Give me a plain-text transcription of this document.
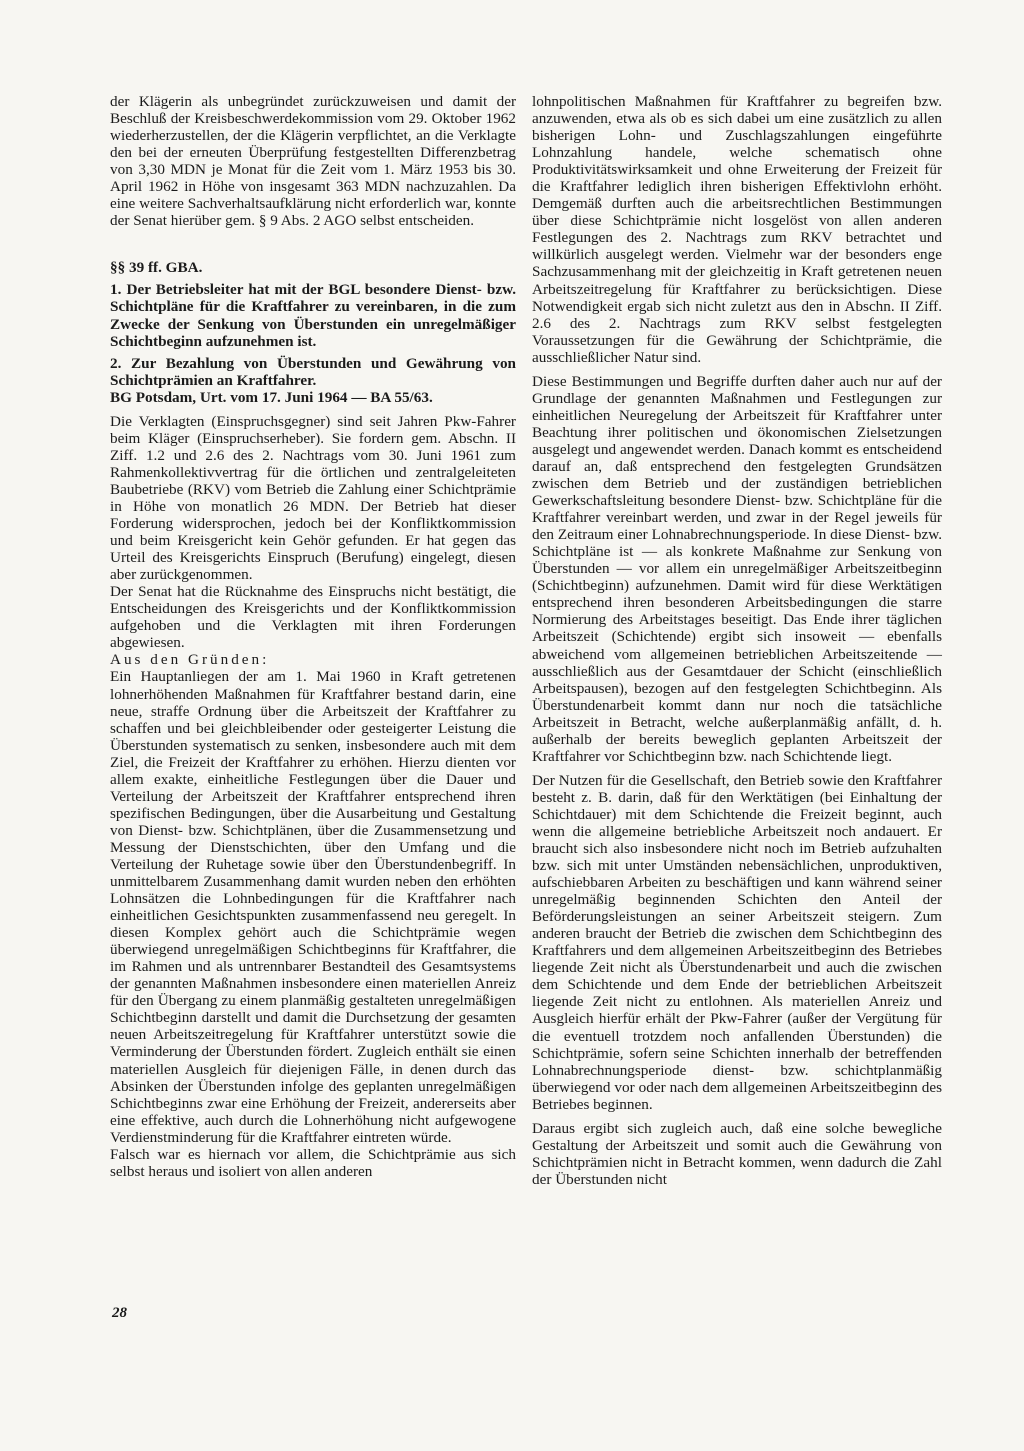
der Klägerin als unbegründet zurückzuweisen und damit der Beschluß der Kreisbeschwerdekommission vom 29. Oktober 1962 wiederherzustellen, der die Klägerin verpflichtet, an die Verklagte den bei der erneuten Überprüfung festgestellten Differenzbetrag von 3,30 MDN je Monat für die Zeit vom 1. März 1953 bis 30. April 1962 in Höhe von insgesamt 363 MDN nachzuzahlen. Da eine weitere Sachverhaltsaufklärung nicht erforderlich war, konnte der Senat hierüber gem. § 9 Abs. 2 AGO selbst entscheiden.

§§ 39 ff. GBA.

1. Der Betriebsleiter hat mit der BGL besondere Dienst- bzw. Schichtpläne für die Kraftfahrer zu vereinbaren, in die zum Zwecke der Senkung von Überstunden ein unregelmäßiger Schichtbeginn aufzunehmen ist.

2. Zur Bezahlung von Überstunden und Gewährung von Schichtprämien an Kraftfahrer.

BG Potsdam, Urt. vom 17. Juni 1964 — BA 55/63.

Die Verklagten (Einspruchsgegner) sind seit Jahren Pkw-Fahrer beim Kläger (Einspruchserheber). Sie fordern gem. Abschn. II Ziff. 1.2 und 2.6 des 2. Nachtrags vom 30. Juni 1961 zum Rahmenkollektivvertrag für die örtlichen und zentralgeleiteten Baubetriebe (RKV) vom Betrieb die Zahlung einer Schichtprämie in Höhe von monatlich 26 MDN. Der Betrieb hat dieser Forderung widersprochen, jedoch bei der Konfliktkommission und beim Kreisgericht kein Gehör gefunden. Er hat gegen das Urteil des Kreisgerichts Einspruch (Berufung) eingelegt, diesen aber zurückgenommen.

Der Senat hat die Rücknahme des Einspruchs nicht bestätigt, die Entscheidungen des Kreisgerichts und der Konfliktkommission aufgehoben und die Verklagten mit ihren Forderungen abgewiesen.

Aus den Gründen:

Ein Hauptanliegen der am 1. Mai 1960 in Kraft getretenen lohnerhöhenden Maßnahmen für Kraftfahrer bestand darin, eine neue, straffe Ordnung über die Arbeitszeit der Kraftfahrer zu schaffen und bei gleichbleibender oder gesteigerter Leistung die Überstunden systematisch zu senken, insbesondere auch mit dem Ziel, die Freizeit der Kraftfahrer zu erhöhen. Hierzu dienten vor allem exakte, einheitliche Festlegungen über die Dauer und Verteilung der Arbeitszeit der Kraftfahrer entsprechend ihren spezifischen Bedingungen, über die Ausarbeitung und Gestaltung von Dienst- bzw. Schichtplänen, über die Zusammensetzung und Messung der Dienstschichten, über den Umfang und die Verteilung der Ruhetage sowie über den Überstundenbegriff. In unmittelbarem Zusammenhang damit wurden neben den erhöhten Lohnsätzen die Lohnbedingungen für die Kraftfahrer nach einheitlichen Gesichtspunkten zusammenfassend neu geregelt. In diesen Komplex gehört auch die Schichtprämie wegen überwiegend unregelmäßigen Schichtbeginns für Kraftfahrer, die im Rahmen und als untrennbarer Bestandteil des Gesamtsystems der genannten Maßnahmen insbesondere einen materiellen Anreiz für den Übergang zu einem planmäßig gestalteten unregelmäßigen Schichtbeginn darstellt und damit die Durchsetzung der gesamten neuen Arbeitszeitregelung für Kraftfahrer unterstützt sowie die Verminderung der Überstunden fördert. Zugleich enthält sie einen materiellen Ausgleich für diejenigen Fälle, in denen durch das Absinken der Überstunden infolge des geplanten unregelmäßigen Schichtbeginns zwar eine Erhöhung der Freizeit, andererseits aber eine effektive, auch durch die Lohnerhöhung nicht aufgewogene Verdienstminderung für die Kraftfahrer eintreten würde.

Falsch war es hiernach vor allem, die Schichtprämie aus sich selbst heraus und isoliert von allen anderen

lohnpolitischen Maßnahmen für Kraftfahrer zu begreifen bzw. anzuwenden, etwa als ob es sich dabei um eine zusätzlich zu allen bisherigen Lohn- und Zuschlagszahlungen eingeführte Lohnzahlung handele, welche schematisch ohne Produktivitätswirksamkeit und ohne Erweiterung der Freizeit für die Kraftfahrer lediglich ihren bisherigen Effektivlohn erhöht. Demgemäß durften auch die arbeitsrechtlichen Bestimmungen über diese Schichtprämie nicht losgelöst von allen anderen Festlegungen des 2. Nachtrags zum RKV betrachtet und willkürlich ausgelegt werden. Vielmehr war der besonders enge Sachzusammenhang mit der gleichzeitig in Kraft getretenen neuen Arbeitszeitregelung für Kraftfahrer zu berücksichtigen. Diese Notwendigkeit ergab sich nicht zuletzt aus den in Abschn. II Ziff. 2.6 des 2. Nachtrags zum RKV selbst festgelegten Voraussetzungen für die Gewährung der Schichtprämie, die ausschließlicher Natur sind.

Diese Bestimmungen und Begriffe durften daher auch nur auf der Grundlage der genannten Maßnahmen und Festlegungen zur einheitlichen Neuregelung der Arbeitszeit für Kraftfahrer unter Beachtung ihrer politischen und ökonomischen Zielsetzungen ausgelegt und angewendet werden. Danach kommt es entscheidend darauf an, daß entsprechend den festgelegten Grundsätzen zwischen dem Betrieb und der zuständigen betrieblichen Gewerkschaftsleitung besondere Dienst- bzw. Schichtpläne für die Kraftfahrer vereinbart werden, und zwar in der Regel jeweils für den Zeitraum einer Lohnabrechnungsperiode. In diese Dienst- bzw. Schichtpläne ist — als konkrete Maßnahme zur Senkung von Überstunden — vor allem ein unregelmäßiger Arbeitszeitbeginn (Schichtbeginn) aufzunehmen. Damit wird für diese Werktätigen entsprechend ihren besonderen Arbeitsbedingungen die starre Normierung des Arbeitstages beseitigt. Das Ende ihrer täglichen Arbeitszeit (Schichtende) ergibt sich insoweit — ebenfalls abweichend vom allgemeinen betrieblichen Arbeitszeitende — ausschließlich aus der Gesamtdauer der Schicht (einschließlich Arbeitspausen), bezogen auf den festgelegten Schichtbeginn. Als Überstundenarbeit kommt dann nur noch die tatsächliche Arbeitszeit in Betracht, welche außerplanmäßig anfällt, d. h. außerhalb der bereits beweglich geplanten Arbeitszeit der Kraftfahrer vor Schichtbeginn bzw. nach Schichtende liegt.

Der Nutzen für die Gesellschaft, den Betrieb sowie den Kraftfahrer besteht z. B. darin, daß für den Werktätigen (bei Einhaltung der Schichtdauer) mit dem Schichtende die Freizeit beginnt, auch wenn die allgemeine betriebliche Arbeitszeit noch andauert. Er braucht sich also insbesondere nicht noch im Betrieb aufzuhalten bzw. sich mit unter Umständen nebensächlichen, unproduktiven, aufschiebbaren Arbeiten zu beschäftigen und kann während seiner unregelmäßig beginnenden Schichten den Anteil der Beförderungsleistungen an seiner Arbeitszeit steigern. Zum anderen braucht der Betrieb die zwischen dem Schichtbeginn des Kraftfahrers und dem allgemeinen Arbeitszeitbeginn des Betriebes liegende Zeit nicht als Überstundenarbeit und auch die zwischen dem Schichtende und dem Ende der betrieblichen Arbeitszeit liegende Zeit nicht zu entlohnen. Als materiellen Anreiz und Ausgleich hierfür erhält der Pkw-Fahrer (außer der Vergütung für die eventuell trotzdem noch anfallenden Überstunden) die Schichtprämie, sofern seine Schichten innerhalb der betreffenden Lohnabrechnungsperiode dienst- bzw. schichtplanmäßig überwiegend vor oder nach dem allgemeinen Arbeitszeitbeginn des Betriebes beginnen.

Daraus ergibt sich zugleich auch, daß eine solche bewegliche Gestaltung der Arbeitszeit und somit auch die Gewährung von Schichtprämien nicht in Betracht kommen, wenn dadurch die Zahl der Überstunden nicht

28
